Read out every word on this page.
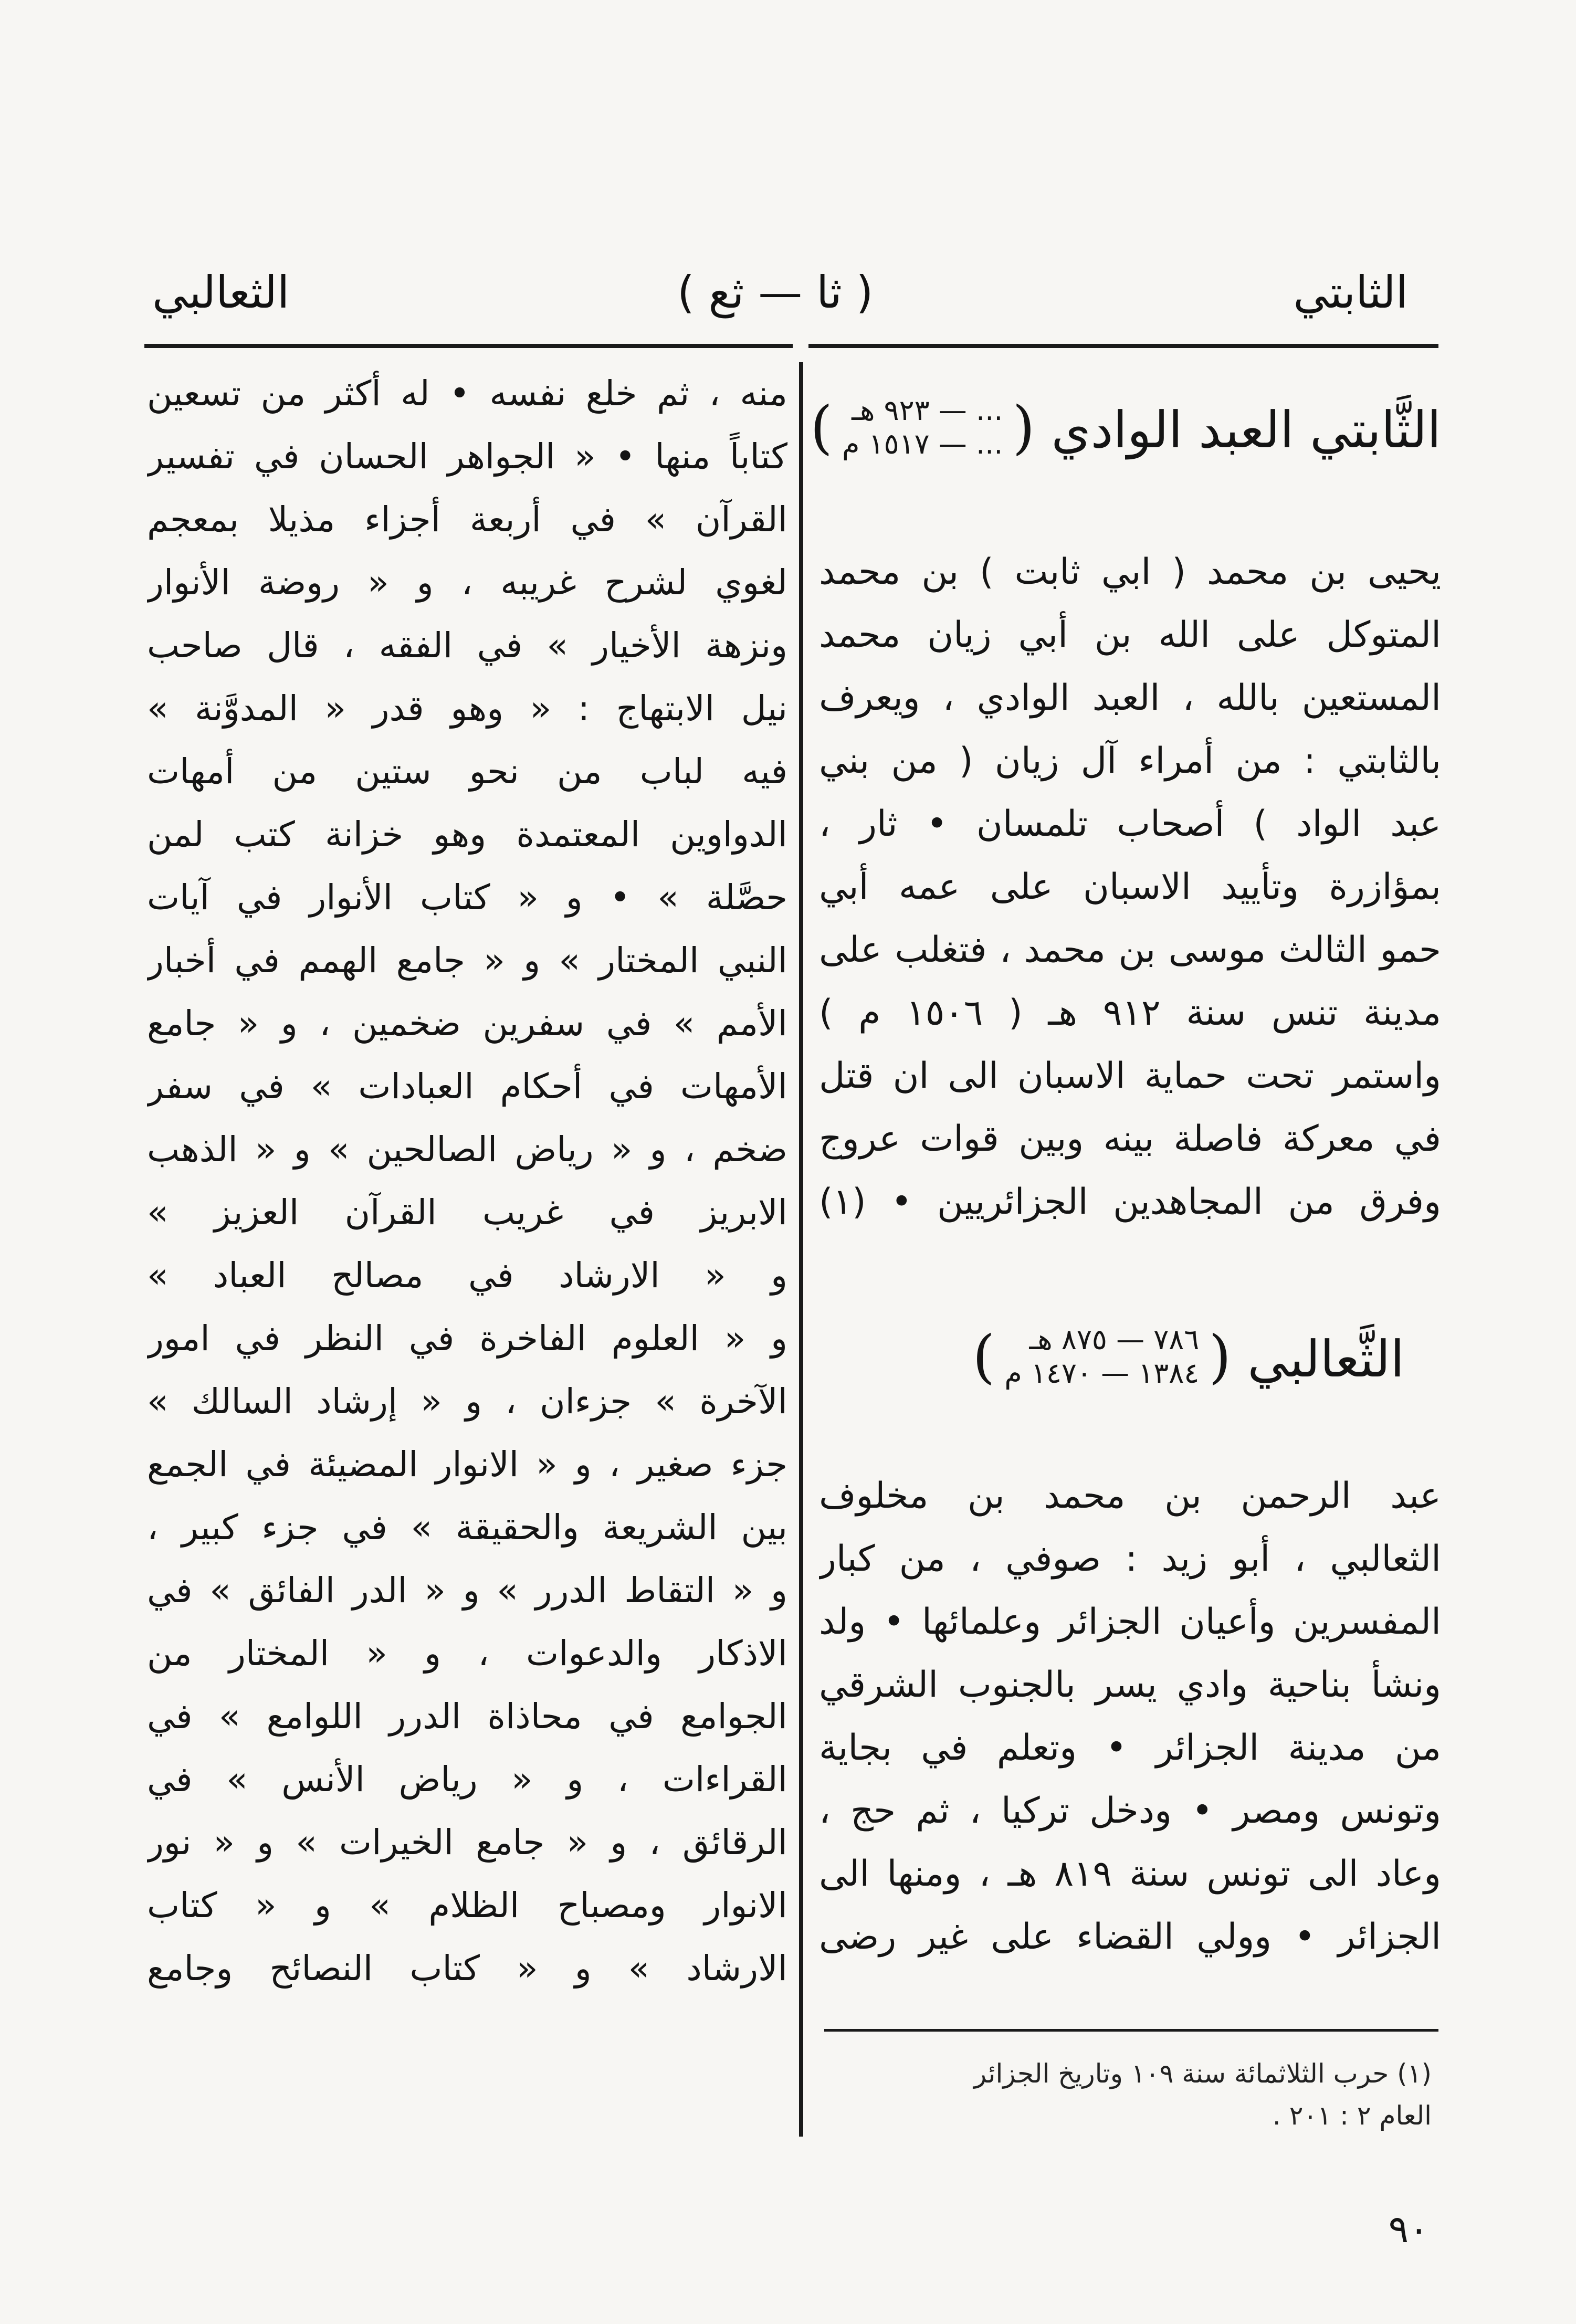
الثابتي
( ثا — ثع )
الثعالبي
الثَّابتي العبد الوادي
(
... — ٩٢٣ هـ
... — ١٥١٧ م
)
يحيى بن محمد ( ابي ثابت ) بن محمد
المتوكل على الله بن أبي زيان محمد
المستعين بالله ، العبد الوادي ، ويعرف
بالثابتي : من أمراء آل زيان ( من بني
عبد الواد ) أصحاب تلمسان • ثار ،
بمؤازرة وتأييد الاسبان على عمه أبي
حمو الثالث موسى بن محمد ، فتغلب على
مدينة تنس سنة ٩١٢ هـ ( ١٥٠٦ م )
واستمر تحت حماية الاسبان الى ان قتل
في معركة فاصلة بينه وبين قوات عروج
وفرق من المجاهدين الجزائريين • (١)
الثَّعالبي
(
٧٨٦ — ٨٧٥ هـ
١٣٨٤ — ١٤٧٠ م
)
عبد الرحمن بن محمد بن مخلوف
الثعالبي ، أبو زيد : صوفي ، من كبار
المفسرين وأعيان الجزائر وعلمائها • ولد
ونشأ بناحية وادي يسر بالجنوب الشرقي
من مدينة الجزائر • وتعلم في بجاية
وتونس ومصر • ودخل تركيا ، ثم حج ،
وعاد الى تونس سنة ٨١٩ هـ ، ومنها الى
الجزائر • وولي القضاء على غير رضى
منه ، ثم خلع نفسه • له أكثر من تسعين
كتاباً منها • « الجواهر الحسان في تفسير
القرآن » في أربعة أجزاء مذيلا بمعجم
لغوي لشرح غريبه ، و « روضة الأنوار
ونزهة الأخيار » في الفقه ، قال صاحب
نيل الابتهاج : « وهو قدر « المدوَّنة »
فيه لباب من نحو ستين من أمهات
الدواوين المعتمدة وهو خزانة كتب لمن
حصَّلة » • و « كتاب الأنوار في آيات
النبي المختار » و « جامع الهمم في أخبار
الأمم » في سفرين ضخمين ، و « جامع
الأمهات في أحكام العبادات » في سفر
ضخم ، و « رياض الصالحين » و « الذهب
الابريز في غريب القرآن العزيز »
و « الارشاد في مصالح العباد »
و « العلوم الفاخرة في النظر في امور
الآخرة » جزءان ، و « إرشاد السالك »
جزء صغير ، و « الانوار المضيئة في الجمع
بين الشريعة والحقيقة » في جزء كبير ،
و « التقاط الدرر » و « الدر الفائق » في
الاذكار والدعوات ، و « المختار من
الجوامع في محاذاة الدرر اللوامع » في
القراءات ، و « رياض الأنس » في
الرقائق ، و « جامع الخيرات » و « نور
الانوار ومصباح الظلام » و « كتاب
الارشاد » و « كتاب النصائح وجامع
(١) حرب الثلاثمائة سنة ١٠٩ وتاريخ الجزائر
العام ٢ : ٢٠١ .
٩٠
